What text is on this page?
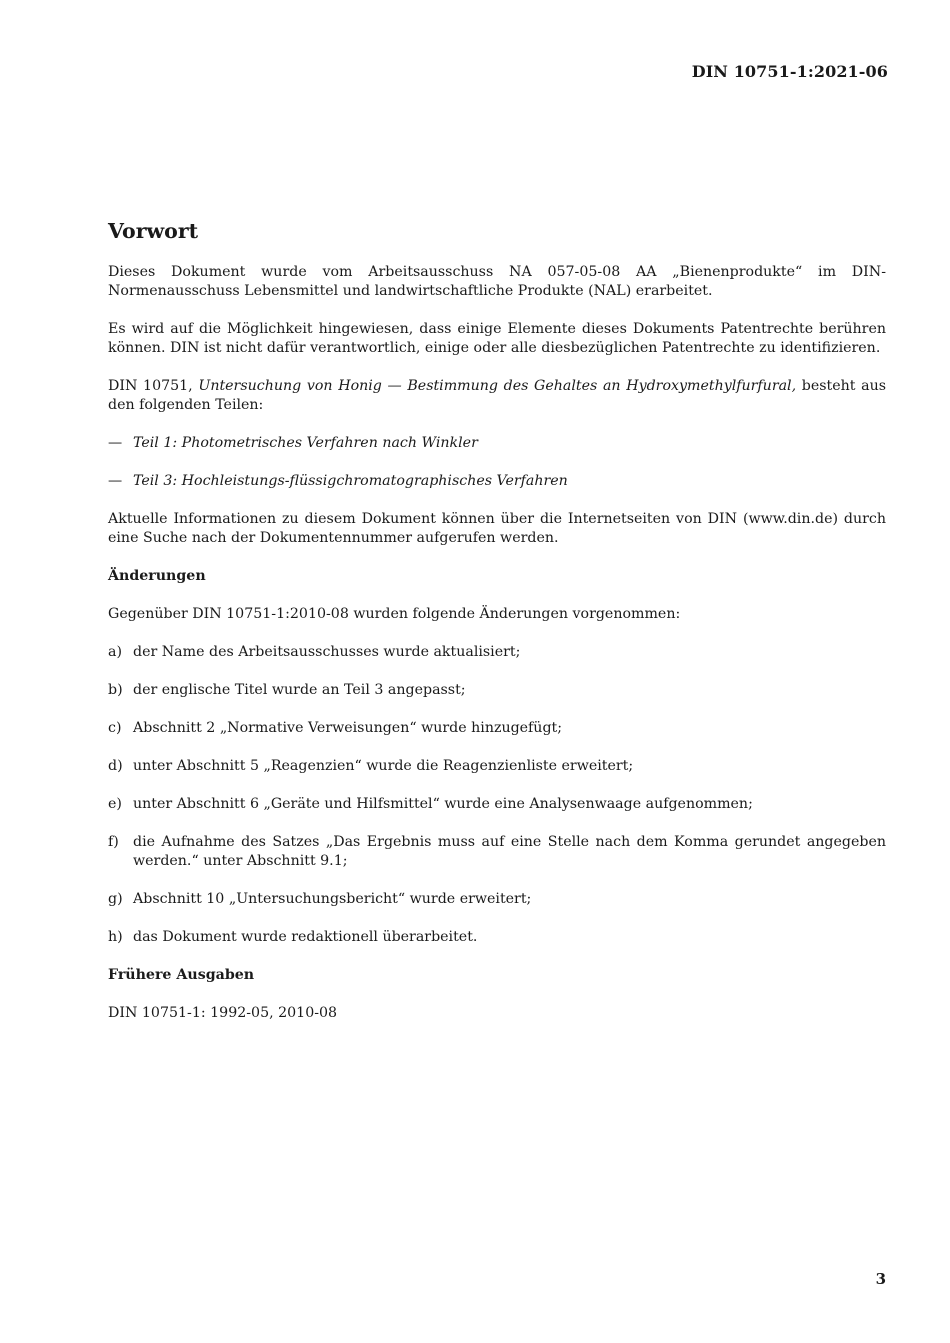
DIN 10751-1:2021-06
Vorwort

Dieses Dokument wurde vom Arbeitsausschuss NA 057-05-08 AA „Bienenprodukte“ im DIN-Normenausschuss Lebensmittel und landwirtschaftliche Produkte (NAL) erarbeitet.

Es wird auf die Möglichkeit hingewiesen, dass einige Elemente dieses Dokuments Patentrechte berühren können. DIN ist nicht dafür verantwortlich, einige oder alle diesbezüglichen Patentrechte zu identifizieren.

DIN 10751, Untersuchung von Honig — Bestimmung des Gehaltes an Hydroxymethylfurfural, besteht aus den folgenden Teilen:

— Teil 1: Photometrisches Verfahren nach Winkler
— Teil 3: Hochleistungs-flüssigchromatographisches Verfahren

Aktuelle Informationen zu diesem Dokument können über die Internetseiten von DIN (www.din.de) durch eine Suche nach der Dokumentennummer aufgerufen werden.

Änderungen

Gegenüber DIN 10751-1:2010-08 wurden folgende Änderungen vorgenommen:

a) der Name des Arbeitsausschusses wurde aktualisiert;
b) der englische Titel wurde an Teil 3 angepasst;
c) Abschnitt 2 „Normative Verweisungen“ wurde hinzugefügt;
d) unter Abschnitt 5 „Reagenzien“ wurde die Reagenzienliste erweitert;
e) unter Abschnitt 6 „Geräte und Hilfsmittel“ wurde eine Analysenwaage aufgenommen;
f)	die Aufnahme des Satzes „Das Ergebnis muss auf eine Stelle nach dem Komma gerundet angegeben werden.“ unter Abschnitt 9.1;
g) Abschnitt 10 „Untersuchungsbericht“ wurde erweitert;
h) das Dokument wurde redaktionell überarbeitet.
Frühere Ausgaben

DIN 10751-1: 1992-05, 2010-08

3
